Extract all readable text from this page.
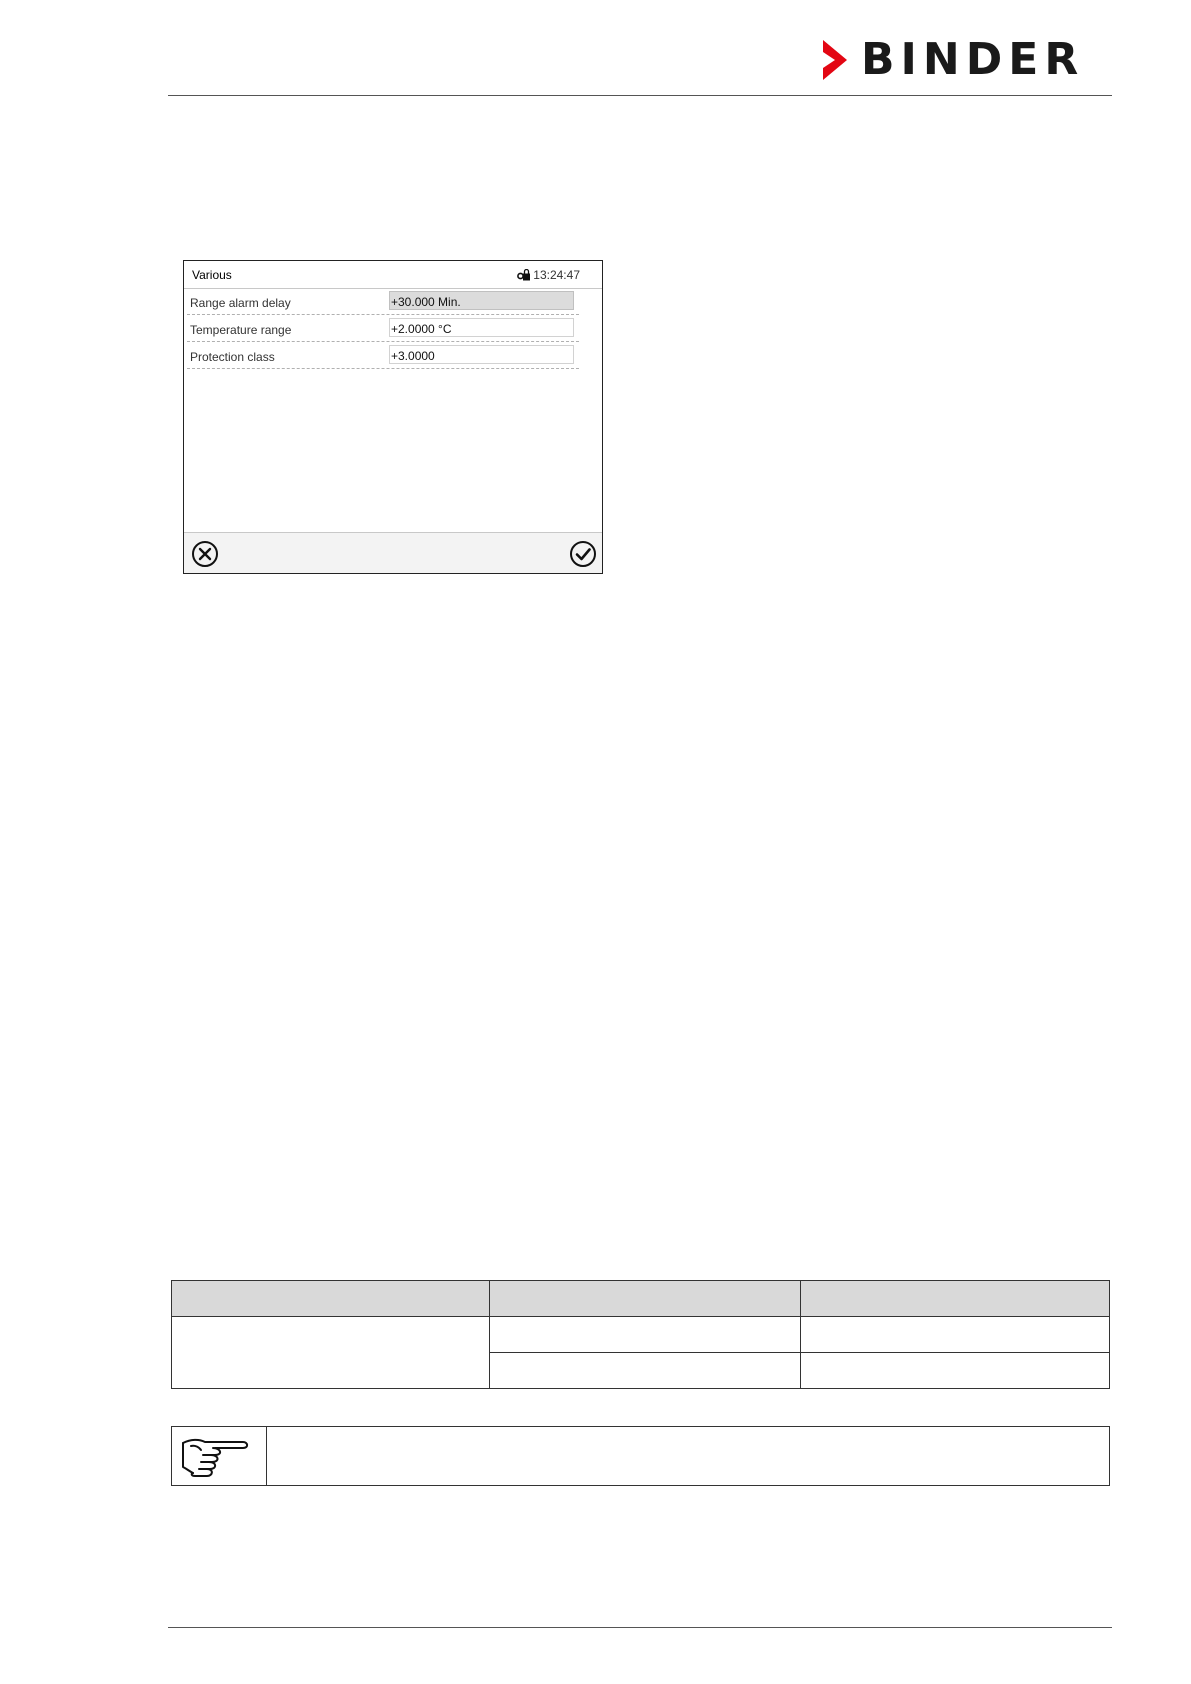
BINDER
Various	13:24:47
Range alarm delay	+30.000 Min.
Temperature range	+2.0000 °C
Protection class	+3.0000
